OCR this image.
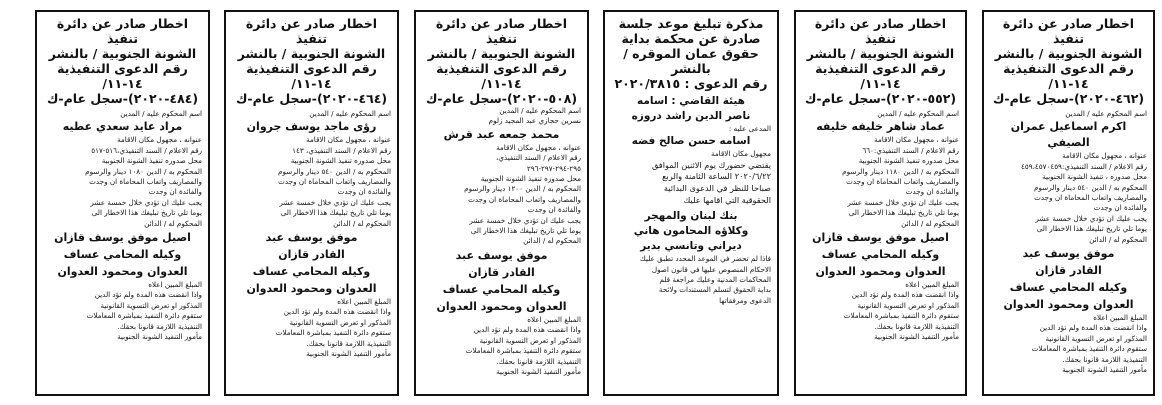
اخطار صادر عن دائرة تنفيذ
الشونة الجنوبية / بالنشر
رقم الدعوى التنفيذية ١٤-١١/
(٤٦٢-٢٠٢٠)-سجل عام-ك
اسم المحكوم عليه / المدين
اكرم اسماعيل عمران الصيفي
عنوانه ، مجهول مكان الاقامة
رقم الاعلام / السند التنفيذي:٤٥٩،٤٥٧٠٤٥٩
محل صدوره ، تنفيذ الشونة الجنوبية
المحكوم به / الدين ٥٤٠ دينار والرسوم
والمصاريف واتعاب المحاماة ان وجدت
والفائدة ان وجدت
يجب عليك ان تؤدي خلال خمسة عشر
يوما تلي تاريخ تبليغك هذا الاخطار الى
المحكوم له / الدائن
موفق يوسف عبد
القادر قازان
وكيله المحامي عساف
العدوان ومحمود العدوان
المبلغ المبين اعلاه
واذا انقضت هذه المدة ولم تؤد الدين
المذكور او تعرض التسوية القانونية
ستقوم دائرة التنفيذ بمباشرة المعاملات
التنفيذية اللازمة قانونا بحقك.
مأمور التنفيذ الشونة الجنوبية
اخطار صادر عن دائرة تنفيذ
الشونة الجنوبية / بالنشر
رقم الدعوى التنفيذية ١٤-١١/
(٥٥٢-٢٠٢٠)-سجل عام-ك
اسم المحكوم عليه / المدين
عماد شاهر خليفه خليفه
عنوانه ، مجهول مكان الاقامة
رقم الاعلام / السند التنفيذي:٦٦٠
محل صدوره تنفيذ الشونة الجنوبية
المحكوم به / الدين ١١٨٠ دينار والرسوم
والمصاريف واتعاب المحاماة ان وجدت
والفائدة ان وجدت
يجب عليك ان تؤدي خلال خمسة عشر
يوما تلي تاريخ تبليغك هذا الاخطار الى
المحكوم له / الدائن
اصيل موفق يوسف قازان
وكيله المحامي عساف
العدوان ومحمود العدوان
المبلغ المبين اعلاه
واذا انقضت هذه المدة ولم تؤد الدين
المذكور او تعرض التسوية القانونية
ستقوم دائرة التنفيذ بمباشرة المعاملات
التنفيذية اللازمة قانونا بحقك.
مأمور التنفيذ الشونة الجنوبية
مذكرة تبليغ موعد جلسة
صادرة عن محكمة بداية
حقوق عمان الموقره /بالنشر
رقم الدعوى : ٢٠٢٠/٣٨١٥
هيئة القاضي : اسامه
ناصر الدين راشد دروزه
المدعى عليه :
اسامه حسن صالح فضه
مجهول مكان الاقامة
يقتضي حضورك يوم الاثنين الموافق
٢٠٢٠/٦/٢٢ الساعة الثامنة والربع
صباحا للنظر في الدعوى البدائية
الحقوقية التي اقامها عليك
بنك لبنان والمهجر
وكلاؤه المحامون هاني
ديراني وتانسي بدير
فاذا لم تحضر في الموعد المحدد تطبق عليك
الاحكام المنصوص عليها في قانون اصول
المحاكمات المدنية وعليك مراجعة قلم
بداية الحقوق لتسلم المستندات ولائحة
الدعوى ومرفقاتها
اخطار صادر عن دائرة تنفيذ
الشونة الجنوبية / بالنشر
رقم الدعوى التنفيذية ١٤-١١/
(٥٠٨-٢٠٢٠)-سجل عام-ك
اسم المحكوم عليه / المدين
نسرين حجازي عبد المجيد زلوم
محمد جمعه عبد قرش
عنوانه ، مجهول مكان الاقامة
رقم الاعلام / السند التنفيذي،
٢٩٥-٢٩٤-٢٩٧-٢٩٦
محل صدوره تنفيذ الشونة الجنوبية
المحكوم به / الدين ١٢٠٠ دينار والرسوم
والمصاريف واتعاب المحاماة ان وجدت
والفائدة ان وجدت
يجب عليك ان تؤدي خلال خمسة عشر
يوما تلي تاريخ تبليغك هذا الاخطار الى
المحكوم له / الدائن
موفق يوسف عبد
القادر قازان
وكيله المحامي عساف
العدوان ومحمود العدوان
المبلغ المبين اعلاه
واذا انقضت هذه المدة ولم تؤد الدين
المذكور او تعرض التسوية القانونية
ستقوم دائرة التنفيذ بمباشرة المعاملات
التنفيذية اللازمة قانونا بحقك.
مأمور التنفيذ الشونة الجنوبية
اخطار صادر عن دائرة تنفيذ
الشونة الجنوبية / بالنشر
رقم الدعوى التنفيذية ١٤-١١/
(٤٦٤-٢٠٢٠)-سجل عام-ك
اسم المحكوم عليه / المدين
رؤى ماجد يوسف جروان
عنوانه ، مجهول مكان الاقامة
رقم الاعلام / السند التنفيذي، ١٤٣
محل صدوره تنفيذ الشونة الجنوبية
المحكوم به / الدين ٥٤٠ دينار والرسوم
والمصاريف واتعاب المحاماة ان وجدت
والفائدة ان وجدت
يجب عليك ان تؤدي خلال خمسة عشر
يوما تلي تاريخ تبليغك هذا الاخطار الى
المحكوم له / الدائن
موفق يوسف عبد
القادر قازان
وكيله المحامي عساف
العدوان ومحمود العدوان
المبلغ المبين اعلاه
واذا انقضت هذه المدة ولم تؤد الدين
المذكور او تعرض التسوية القانونية
ستقوم دائرة التنفيذ بمباشرة المعاملات
التنفيذية اللازمة قانونا بحقك.
مأمور التنفيذ الشونة الجنوبية
اخطار صادر عن دائرة تنفيذ
الشونة الجنوبية / بالنشر
رقم الدعوى التنفيذية ١٤-١١/
(٤٨٤-٢٠٢٠)-سجل عام-ك
اسم المحكوم عليه / المدين
مراد عايد سعدي عطيه
عنوانه ، مجهول مكان الاقامة
رقم الاعلام / السند التنفيذي،٥١٦-٥١٧
محل صدوره تنفيذ الشونة الجنوبية
المحكوم به / الدين ١٠٨٠ دينار والرسوم
والمصاريف واتعاب المحاماة ان وجدت
والفائدة ان وجدت
يجب عليك ان تؤدي خلال خمسة عشر
يوما تلي تاريخ تبليغك هذا الاخطار الى
المحكوم له / الدائن
اصيل موفق يوسف قازان
وكيله المحامي عساف
العدوان ومحمود العدوان
المبلغ المبين اعلاه
واذا انقضت هذه المدة ولم تؤد الدين
المذكور او تعرض التسوية القانونية
ستقوم دائرة التنفيذ بمباشرة المعاملات
التنفيذية اللازمة قانونا بحقك.
مأمور التنفيذ الشونة الجنوبية
